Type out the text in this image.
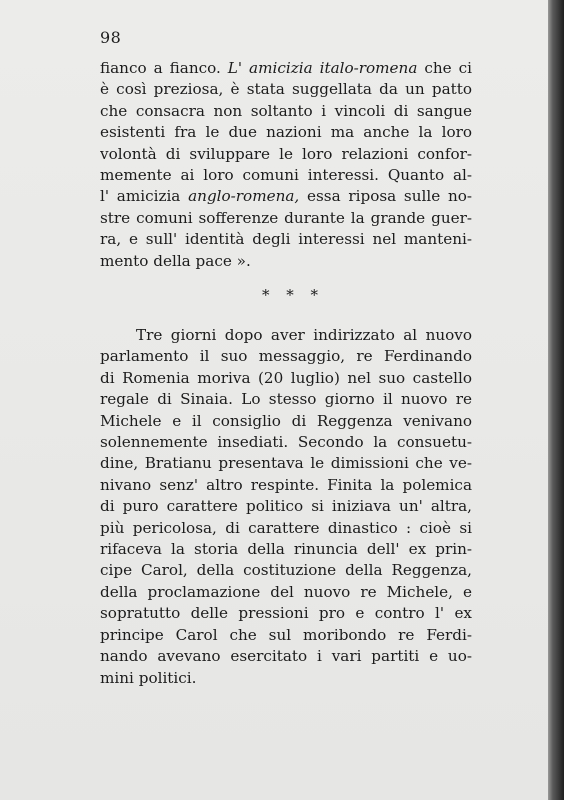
98
fianco a fianco. L' amicizia italo-romena che ci
è così preziosa, è stata suggellata da un patto
che consacra non soltanto i vincoli di sangue
esistenti fra le due nazioni ma anche la loro
volontà di sviluppare le loro relazioni confor-
memente ai loro comuni interessi. Quanto al-
l' amicizia anglo-romena, essa riposa sulle no-
stre comuni sofferenze durante la grande guer-
ra, e sull' identità degli interessi nel manteni-
mento della pace ».
* * *
Tre giorni dopo aver indirizzato al nuovo
parlamento il suo messaggio, re Ferdinando
di Romenia moriva (20 luglio) nel suo castello
regale di Sinaia. Lo stesso giorno il nuovo re
Michele e il consiglio di Reggenza venivano
solennemente insediati. Secondo la consuetu-
dine, Bratianu presentava le dimissioni che ve-
nivano senz' altro respinte. Finita la polemica
di puro carattere politico si iniziava un' altra,
più pericolosa, di carattere dinastico : cioè si
rifaceva la storia della rinuncia dell' ex prin-
cipe Carol, della costituzione della Reggenza,
della proclamazione del nuovo re Michele, e
sopratutto delle pressioni pro e contro l' ex
principe Carol che sul moribondo re Ferdi-
nando avevano esercitato i vari partiti e uo-
mini politici.
